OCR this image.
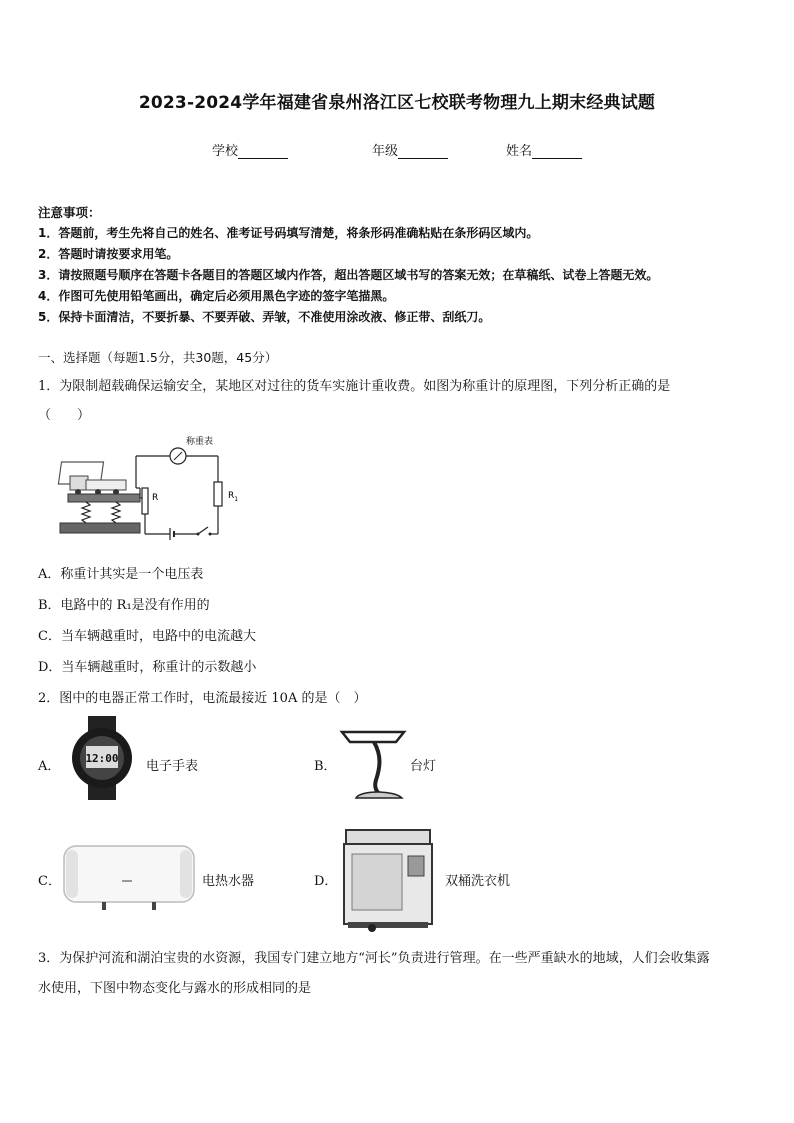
2023-2024学年福建省泉州洛江区七校联考物理九上期末经典试题
学校	年级	姓名
注意事项：
1．答题前，考生先将自己的姓名、准考证号码填写清楚，将条形码准确粘贴在条形码区域内。
2．答题时请按要求用笔。
3．请按照题号顺序在答题卡各题目的答题区域内作答，超出答题区域书写的答案无效；在草稿纸、试卷上答题无效。
4．作图可先使用铅笔画出，确定后必须用黑色字迹的签字笔描黑。
5．保持卡面清洁，不要折暴、不要弄破、弄皱，不准使用涂改液、修正带、刮纸刀。
一、选择题（每题1.5分，共30题，45分）
1．为限制超载确保运输安全，某地区对过往的货车实施计重收费。如图为称重计的原理图，下列分析正确的是
（　　）
R
称重表
$R_1$
A．称重计其实是一个电压表
B．电路中的 R₁是没有作用的
C．当车辆越重时，电路中的电流越大
D．当车辆越重时，称重计的示数越小
2．图中的电器正常工作时，电流最接近 10A 的是（　）
A．
12:00
电子手表	B．	台灯
C．	电热水器	D．	双桶洗衣机
3．为保护河流和湖泊宝贵的水资源，我国专门建立地方“河长”负责进行管理。在一些严重缺水的地域，人们会收集露
水使用，下图中物态变化与露水的形成相同的是
